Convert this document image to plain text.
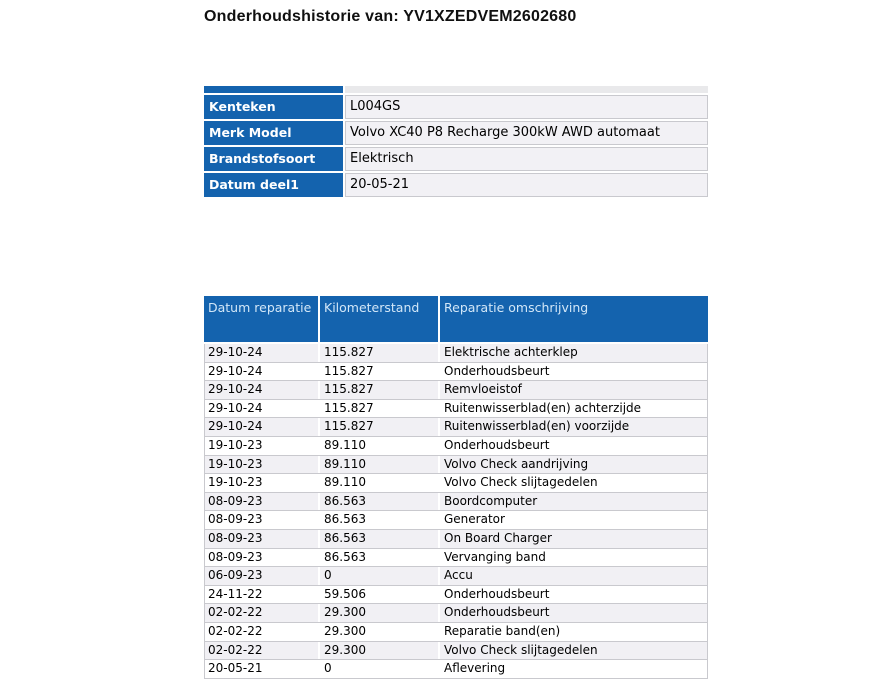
Onderhoudshistorie van: YV1XZEDVEM2602680
Kenteken	L004GS
Merk Model	Volvo XC40 P8 Recharge 300kW AWD automaat
Brandstofsoort	Elektrisch
Datum deel1	20-05-21
Datum reparatie	Kilometerstand	Reparatie omschrijving
29-10-24	115.827	Elektrische achterklep
29-10-24	115.827	Onderhoudsbeurt
29-10-24	115.827	Remvloeistof
29-10-24	115.827	Ruitenwisserblad(en) achterzijde
29-10-24	115.827	Ruitenwisserblad(en) voorzijde
19-10-23	89.110	Onderhoudsbeurt
19-10-23	89.110	Volvo Check aandrijving
19-10-23	89.110	Volvo Check slijtagedelen
08-09-23	86.563	Boordcomputer
08-09-23	86.563	Generator
08-09-23	86.563	On Board Charger
08-09-23	86.563	Vervanging band
06-09-23	0	Accu
24-11-22	59.506	Onderhoudsbeurt
02-02-22	29.300	Onderhoudsbeurt
02-02-22	29.300	Reparatie band(en)
02-02-22	29.300	Volvo Check slijtagedelen
20-05-21	0	Aflevering
